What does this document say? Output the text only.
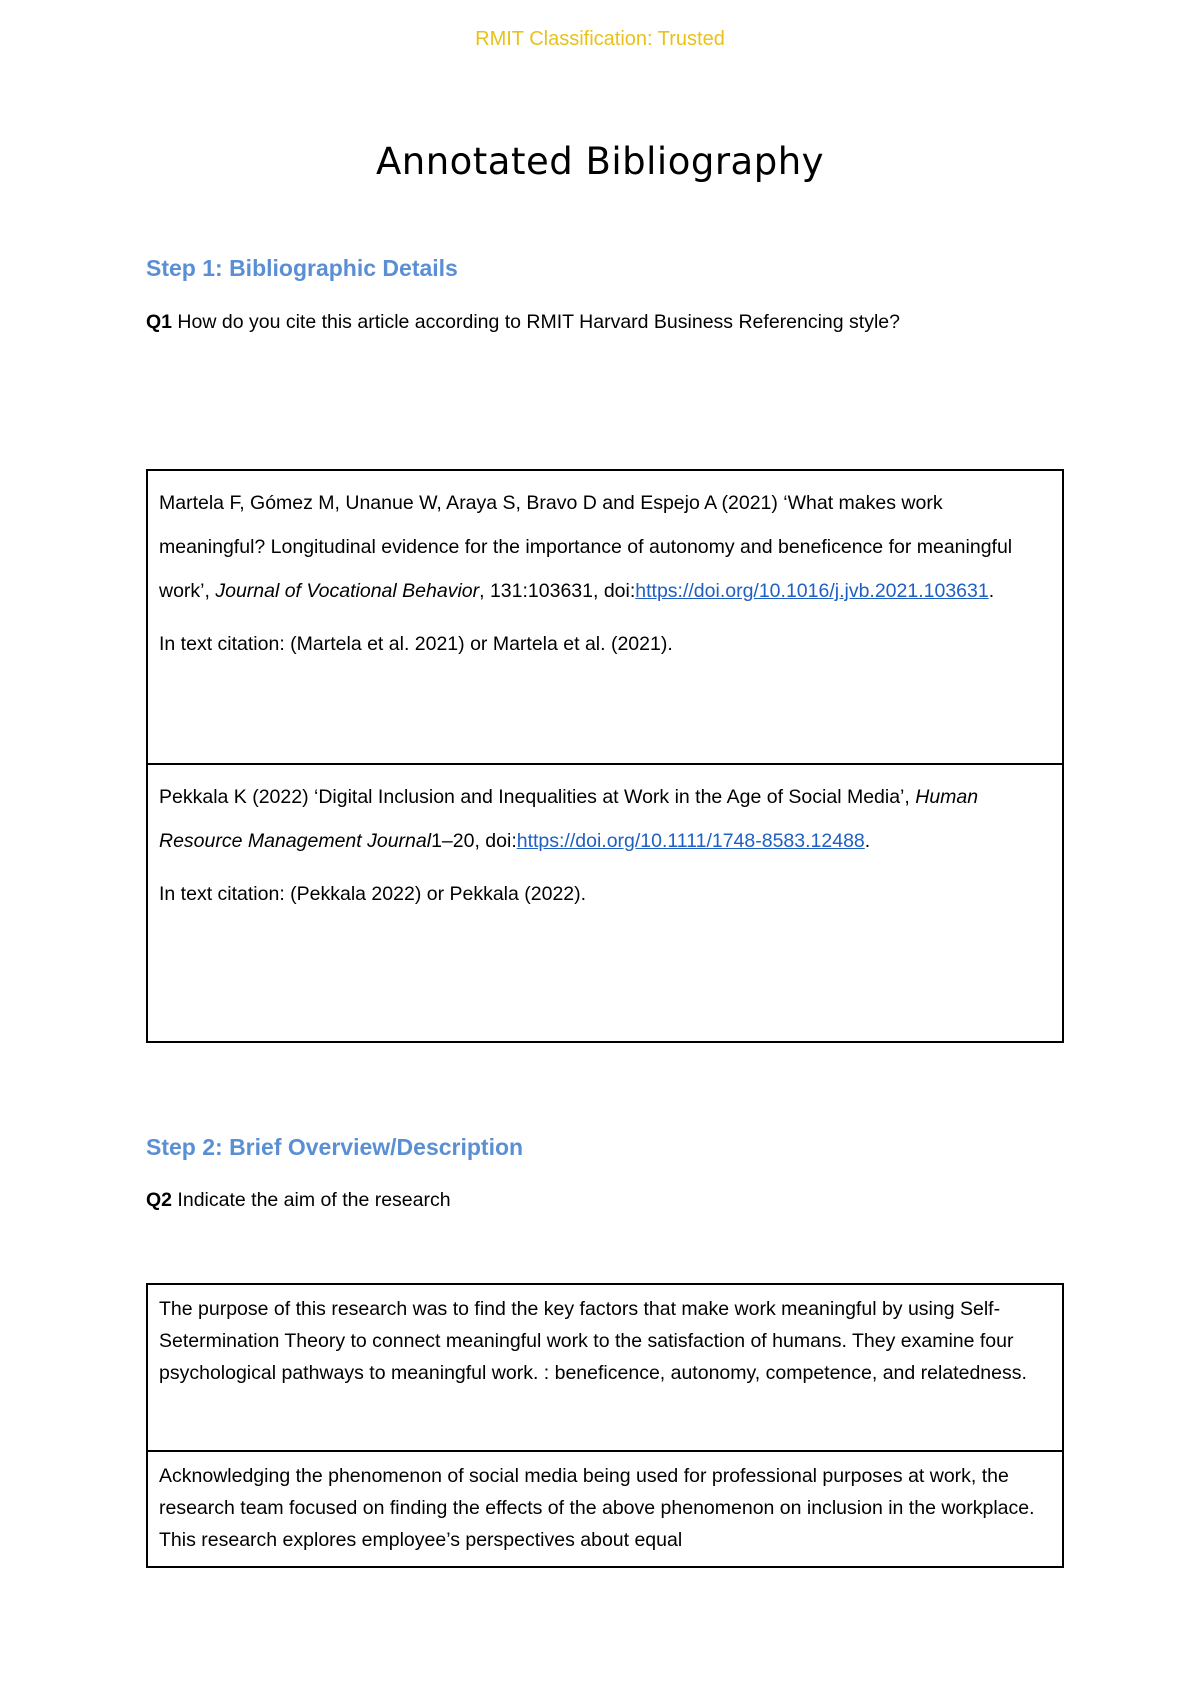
RMIT Classification: Trusted
Annotated Bibliography
Step 1: Bibliographic Details

Q1 How do you cite this article according to RMIT Harvard Business Referencing style?

Martela F, Gómez M, Unanue W, Araya S, Bravo D and Espejo A (2021) ‘What makes work meaningful? Longitudinal evidence for the importance of autonomy and beneficence for meaningful work’, Journal of Vocational Behavior, 131:103631, doi:https://doi.org/10.1016/j.jvb.2021.103631.

In text citation: (Martela et al. 2021) or Martela et al. (2021).

Pekkala K (2022) ‘Digital Inclusion and Inequalities at Work in the Age of Social Media’, Human Resource Management Journal1–20, doi:https://doi.org/10.1111/1748-8583.12488.

In text citation: (Pekkala 2022) or Pekkala (2022).

Step 2: Brief Overview/Description

Q2 Indicate the aim of the research

The purpose of this research was to find the key factors that make work meaningful by using Self-Setermination Theory to connect meaningful work to the satisfaction of humans. They examine four psychological pathways to meaningful work. : beneficence, autonomy, competence, and relatedness.

Acknowledging the phenomenon of social media being used for professional purposes at work, the research team focused on finding the effects of the above phenomenon on inclusion in the workplace. This research explores employee’s perspectives about equal
